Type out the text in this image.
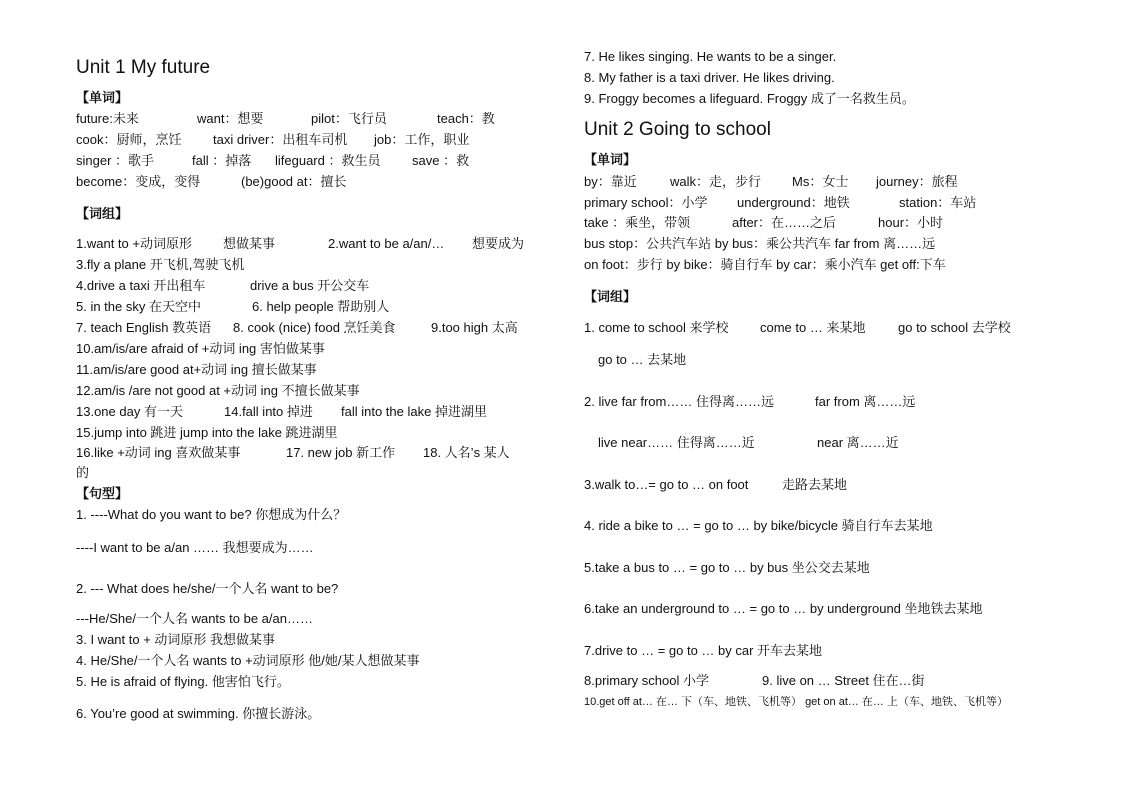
Unit 1 My future
【单词】
future:未来	want：想要	pilot：飞行员	teach：教
cook：厨师，烹饪 taxi driver：出租车司机 job：工作，职业
singer ：歌手	fall ：掉落 lifeguard ：救生员 save ：救
become：变成，变得	(be)good at：擅长
【词组】
1.want to +动词原形 想做某事	2.want to be a/an/… 想要成为
3.fly a plane 开飞机,驾驶飞机
4.drive a taxi 开出租车	drive a bus 开公交车
5. in the sky 在天空中	6. help people 帮助别人
7. teach English 教英语 8. cook (nice) food 烹饪美食	9.too high 太高
10.am/is/are afraid of +动词 ing 害怕做某事
11.am/is/are good at+动词 ing 擅长做某事
12.am/is /are not good at +动词 ing 不擅长做某事
13.one day 有一天	14.fall into 掉进 fall into the lake 掉进湖里
15.jump into 跳进 jump into the lake 跳进湖里
16.like +动词 ing 喜欢做某事	17. new job 新工作 18. 人名’s 某人
的
【句型】
1. ----What do you want to be? 你想成为什么？
----I want to be a/an …… 我想要成为……
2. --- What does he/she/一个人名 want to be?
---He/She/一个人名 wants to be a/an……
3. I want to + 动词原形 我想做某事
4. He/She/一个人名 wants to +动词原形 他/她/某人想做某事
5. He is afraid of flying. 他害怕飞行。
6. You’re good at swimming. 你擅长游泳。
7. He likes singing. He wants to be a singer.
8. My father is a taxi driver. He likes driving.
9. Froggy becomes a lifeguard. Froggy 成了一名救生员。
Unit 2 Going to school
【单词】
by：靠近	walk：走，步行 Ms：女士 journey：旅程
primary school：小学 underground：地铁	station：车站
take ：乘坐，带领	after：在……之后	hour：小时
bus stop：公共汽车站 by bus：乘公共汽车 far from 离……远
on foot：步行 by bike：骑自行车 by car：乘小汽车 get off:下车
【词组】
1. come to school 来学校 come to … 来某地	go to school 去学校
go to … 去某地
2. live far from…… 住得离……远	far from 离……远
live near…… 住得离……近	near 离……近
3.walk to…= go to … on foot	走路去某地
4. ride a bike to … = go to … by bike/bicycle 骑自行车去某地
5.take a bus to … = go to … by bus 坐公交去某地
6.take an underground to … = go to … by underground 坐地铁去某地
7.drive to … = go to … by car 开车去某地
8.primary school 小学	9. live on … Street 住在…街
10.get off at… 在… 下（车、地铁、飞机等） get on at… 在… 上（车、地铁、飞机等）
